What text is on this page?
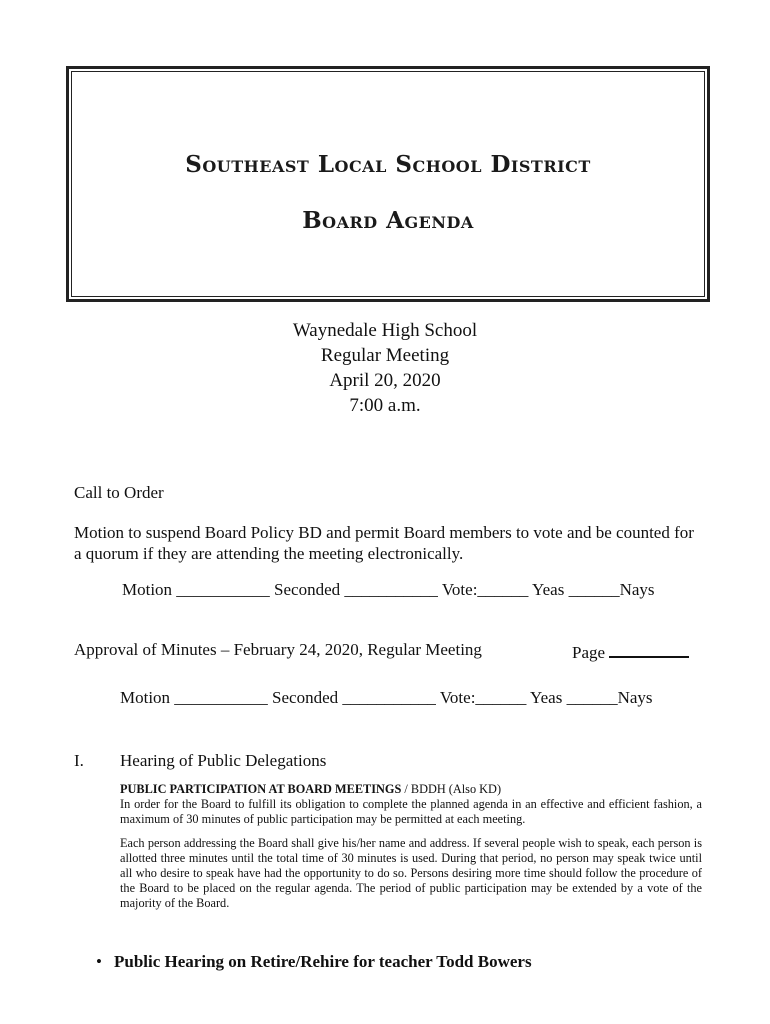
Southeast Local School District
Board Agenda
Waynedale High School
Regular Meeting
April 20, 2020
7:00 a.m.
Call to Order
Motion to suspend Board Policy BD and permit Board members to vote and be counted for a quorum if they are attending the meeting electronically.
Motion ___________ Seconded ___________ Vote:______ Yeas ______Nays
Approval of Minutes – February 24, 2020, Regular Meeting	Page
Motion ___________ Seconded ___________ Vote:______ Yeas ______Nays
I. Hearing of Public Delegations
PUBLIC PARTICIPATION AT BOARD MEETINGS / BDDH (Also KD)
In order for the Board to fulfill its obligation to complete the planned agenda in an effective and efficient fashion, a maximum of 30 minutes of public participation may be permitted at each meeting.
Each person addressing the Board shall give his/her name and address. If several people wish to speak, each person is allotted three minutes until the total time of 30 minutes is used. During that period, no person may speak twice until all who desire to speak have had the opportunity to do so. Persons desiring more time should follow the procedure of the Board to be placed on the regular agenda. The period of public participation may be extended by a vote of the majority of the Board.
• Public Hearing on Retire/Rehire for teacher Todd Bowers
